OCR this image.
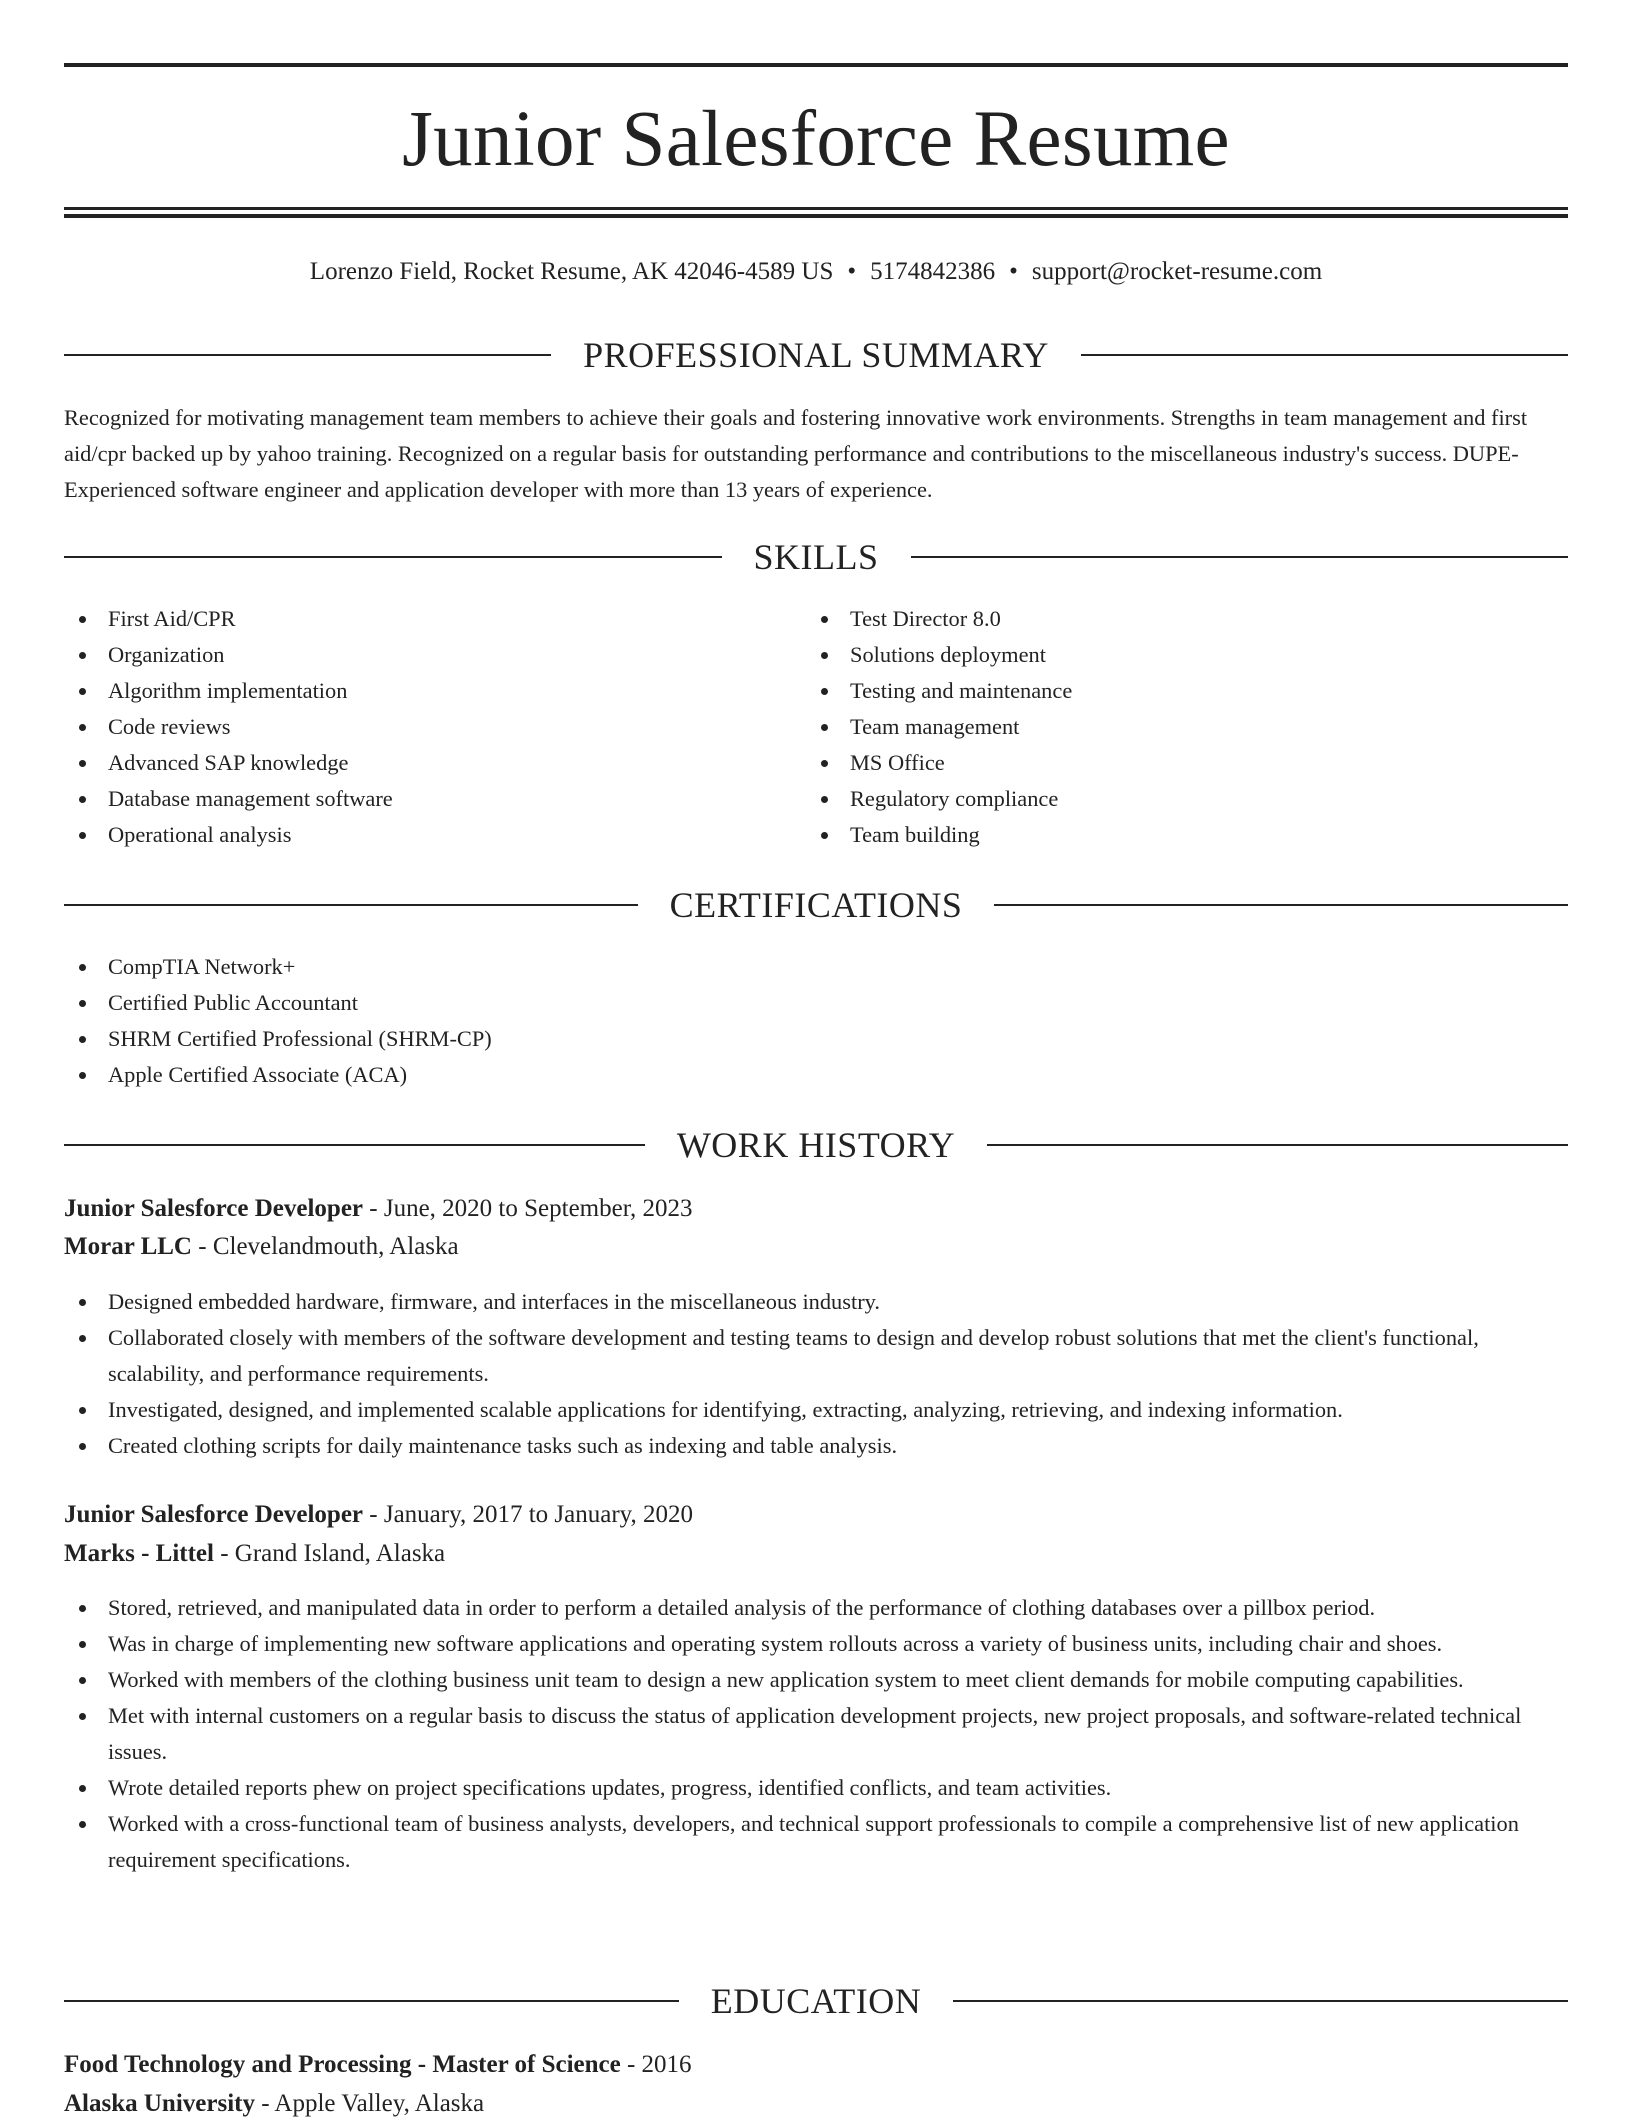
Junior Salesforce Resume
Lorenzo Field, Rocket Resume, AK 42046-4589 US • 5174842386 • support@rocket-resume.com
PROFESSIONAL SUMMARY
Recognized for motivating management team members to achieve their goals and fostering innovative work environments. Strengths in team management and first aid/cpr backed up by yahoo training. Recognized on a regular basis for outstanding performance and contributions to the miscellaneous industry's success. DUPE- Experienced software engineer and application developer with more than 13 years of experience.
SKILLS
First Aid/CPR
Organization
Algorithm implementation
Code reviews
Advanced SAP knowledge
Database management software
Operational analysis
Test Director 8.0
Solutions deployment
Testing and maintenance
Team management
MS Office
Regulatory compliance
Team building
CERTIFICATIONS
CompTIA Network+
Certified Public Accountant
SHRM Certified Professional (SHRM-CP)
Apple Certified Associate (ACA)
WORK HISTORY
Junior Salesforce Developer - June, 2020 to September, 2023
Morar LLC - Clevelandmouth, Alaska
Designed embedded hardware, firmware, and interfaces in the miscellaneous industry.
Collaborated closely with members of the software development and testing teams to design and develop robust solutions that met the client's functional, scalability, and performance requirements.
Investigated, designed, and implemented scalable applications for identifying, extracting, analyzing, retrieving, and indexing information.
Created clothing scripts for daily maintenance tasks such as indexing and table analysis.
Junior Salesforce Developer - January, 2017 to January, 2020
Marks - Littel - Grand Island, Alaska
Stored, retrieved, and manipulated data in order to perform a detailed analysis of the performance of clothing databases over a pillbox period.
Was in charge of implementing new software applications and operating system rollouts across a variety of business units, including chair and shoes.
Worked with members of the clothing business unit team to design a new application system to meet client demands for mobile computing capabilities.
Met with internal customers on a regular basis to discuss the status of application development projects, new project proposals, and software-related technical issues.
Wrote detailed reports phew on project specifications updates, progress, identified conflicts, and team activities.
Worked with a cross-functional team of business analysts, developers, and technical support professionals to compile a comprehensive list of new application requirement specifications.
EDUCATION
Food Technology and Processing - Master of Science - 2016
Alaska University - Apple Valley, Alaska
